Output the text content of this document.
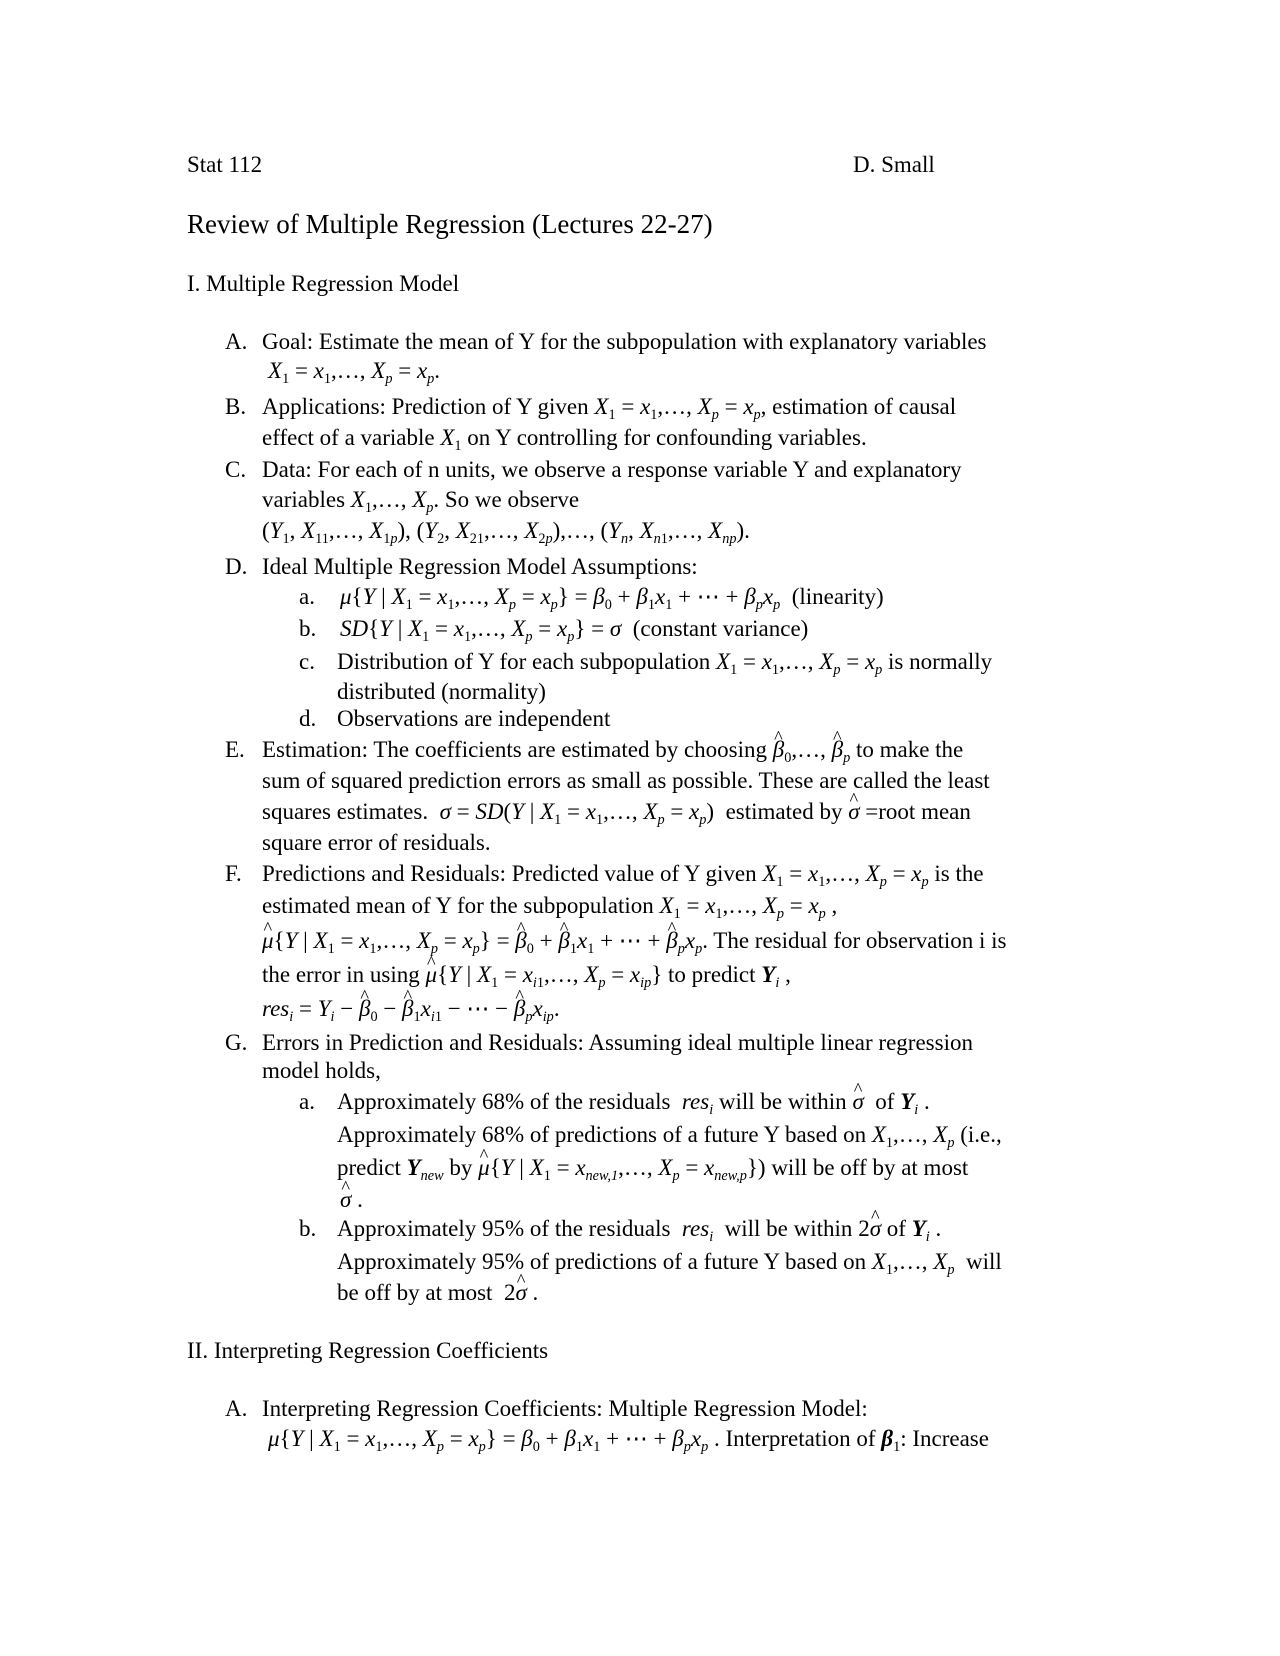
Stat 112	D. Small
Review of Multiple Regression (Lectures 22-27)
I. Multiple Regression Model
A. Goal: Estimate the mean of Y for the subpopulation with explanatory variables
$X_1$ = $x_1,\dots$, $X_p = x_p$.
B. Applications: Prediction of Y given $X_1$ = $x_1,\dots$, $X_p = x_p$, estimation of causal
effect of a variable $X_1$ on Y controlling for confounding variables.
C. Data: For each of n units, we observe a response variable Y and explanatory
variables $X_1,\dots$, $X_p$. So we observe
($Y_1$, $X_{11},\dots$, $X_{1p}$), ($Y_2$, $X_{21},\dots$, $X_{2p}),\dots$, ($Y_n$, $X_{n1},\dots$, $X_{np}$).
D. Ideal Multiple Regression Model Assumptions:
a. μ{Y | $X_1$ = $x_1,\dots$, $X_p = x_p\} = \beta_0 + \beta_1x_1$ + ⋯ + $\beta_px_p$ (linearity)
b. SD{Y | $X_1$ = $x_1,\dots$, $X_p = x_p\} = \sigma$ (constant variance)
c. Distribution of Y for each subpopulation $X_1$ = $x_1,\dots$, $X_p = x_p$ is normally
distributed (normality)
d. Observations are independent
E. Estimation: The coefficients are estimated by choosing ^ $\beta_0,\dots$, ^ $\beta_p$ to make the
sum of squared prediction errors as small as possible. These are called the least
squares estimates. σ = SD(Y | $X_1$ = $x_1,\dots$, $X_p = x_p$)  estimated by ^ σ =root mean
square error of residuals.
F. Predictions and Residuals: Predicted value of Y given $X_1$ = $x_1,\dots$, $X_p = x_p$ is the
estimated mean of Y for the subpopulation $X_1$ = $x_1,\dots$, $X_p = x_p$ ,
^ μ{Y | $X_1$ = $x_1,\dots$, $X_p = x_p$} = ^ $\beta_0$ + ^ $\beta_1x_1$ + ⋯ + ^ $\beta_px_p$. The residual for observation i is
the error in using ^ μ{Y | $X_1$ = $x_{i1},\dots$, $X_p = x_{ip}$} to predict $Y_i$ ,
$res_i = Y_i$ − ^ $\beta_0$ − ^ $\beta_1x_{i1}$ − ⋯ − ^ $\beta_px_{ip}$.
G. Errors in Prediction and Residuals: Assuming ideal multiple linear regression
model holds,
a. Approximately 68% of the residuals res$_i$ will be within ^ σ of $Y_i$ .
Approximately 68% of predictions of a future Y based on $X_1,\dots$, $X_p$ (i.e.,
predict $Y_{new}$ by ^ μ{Y | $X_1$ = $x_{new,1},\dots$, $X_p = x_{new,p}$}) will be off by at most
^ σ .
b. Approximately 95% of the residuals res$_i$ will be within 2^ σ of $Y_i$ .
Approximately 95% of predictions of a future Y based on $X_1,\dots$, $X_p$ will
be off by at most  2^ σ .
II. Interpreting Regression Coefficients
A. Interpreting Regression Coefficients: Multiple Regression Model:
μ{Y | $X_1$ = $x_1,\dots$, $X_p = x_p\} = \beta_0 + \beta_1x_1$ + ⋯ + $\beta_px_p$ . Interpretation of $\beta_1$: Increase
